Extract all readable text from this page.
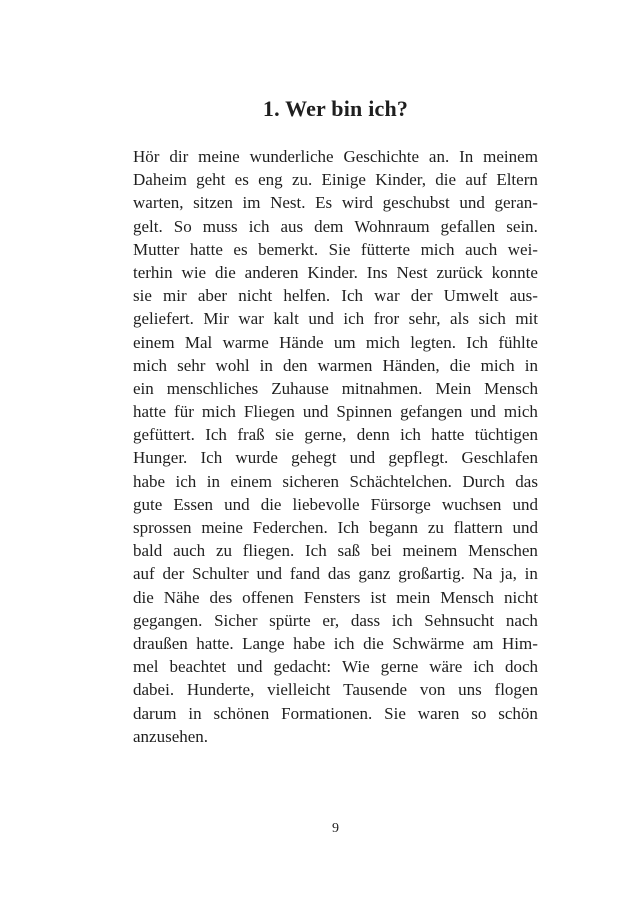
1. Wer bin ich?
Hör dir meine wunderliche Geschichte an. In meinem
Daheim geht es eng zu. Einige Kinder, die auf Eltern
warten, sitzen im Nest. Es wird geschubst und geran-
gelt. So muss ich aus dem Wohnraum gefallen sein.
Mutter hatte es bemerkt. Sie fütterte mich auch wei-
terhin wie die anderen Kinder. Ins Nest zurück konnte
sie mir aber nicht helfen. Ich war der Umwelt aus-
geliefert. Mir war kalt und ich fror sehr, als sich mit
einem Mal warme Hände um mich legten. Ich fühlte
mich sehr wohl in den warmen Händen, die mich in
ein menschliches Zuhause mitnahmen. Mein Mensch
hatte für mich Fliegen und Spinnen gefangen und mich
gefüttert. Ich fraß sie gerne, denn ich hatte tüchtigen
Hunger. Ich wurde gehegt und gepflegt. Geschlafen
habe ich in einem sicheren Schächtelchen. Durch das
gute Essen und die liebevolle Fürsorge wuchsen und
sprossen meine Federchen. Ich begann zu flattern und
bald auch zu fliegen. Ich saß bei meinem Menschen
auf der Schulter und fand das ganz großartig. Na ja, in
die Nähe des offenen Fensters ist mein Mensch nicht
gegangen. Sicher spürte er, dass ich Sehnsucht nach
draußen hatte. Lange habe ich die Schwärme am Him-
mel beachtet und gedacht: Wie gerne wäre ich doch
dabei. Hunderte, vielleicht Tausende von uns flogen
darum in schönen Formationen. Sie waren so schön
anzusehen.
9
